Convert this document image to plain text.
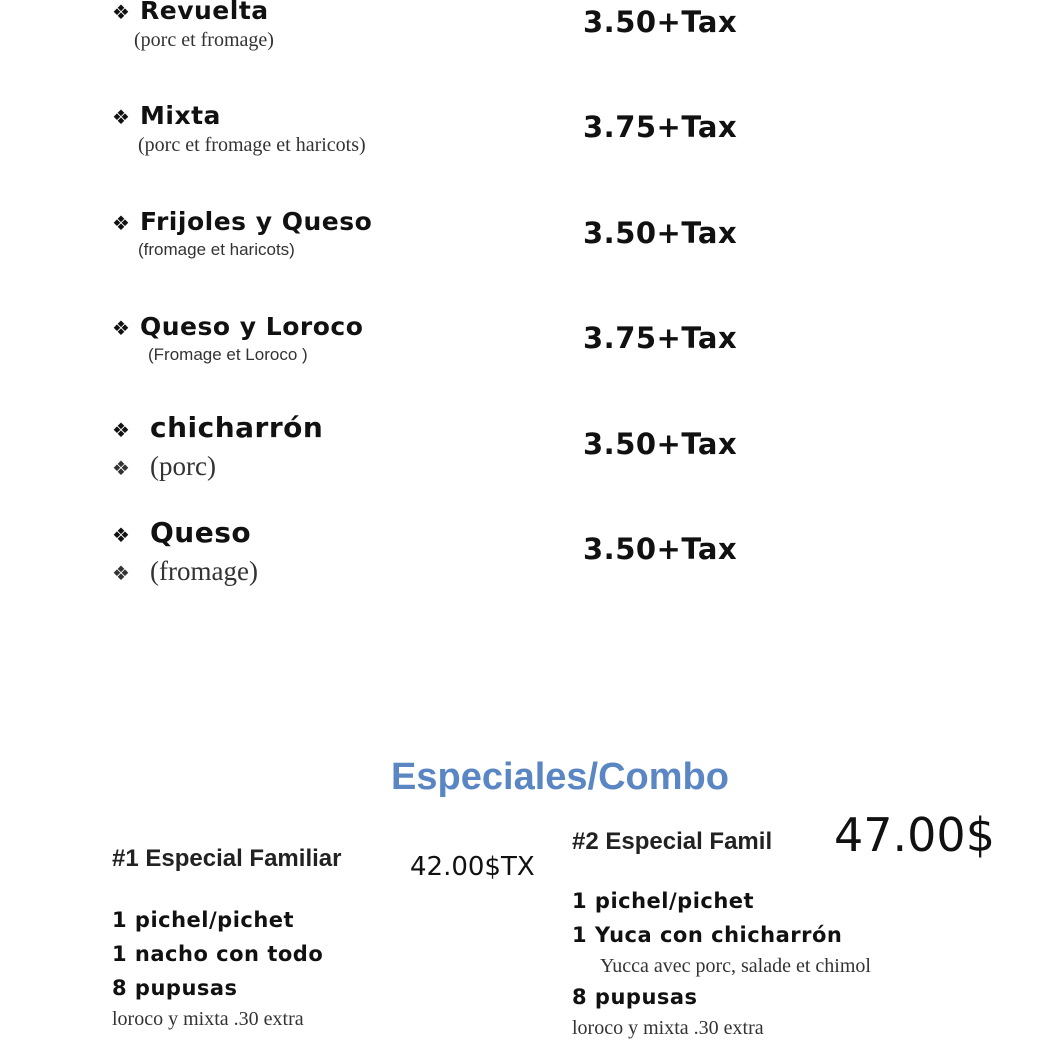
❖ Revuelta
(porc et fromage)
3.50+Tax
❖ Mixta
(porc et fromage et haricots)
3.75+Tax
❖ Frijoles y Queso
(fromage et haricots)	3.50+Tax
❖ Queso y Loroco
(Fromage et Loroco )	3.75+Tax
❖ chicharrón
❖ (porc)
3.50+Tax
❖ Queso
❖ (fromage)
3.50+Tax
Especiales/Combo
#1 Especial Familiar
1 pichel/pichet
1 nacho con todo
8 pupusas
loroco y mixta .30 extra
42.00$TX
#2 Especial Famil
1 pichel/pichet
1 Yuca con chicharrón
Yucca avec porc, salade et chimol
8 pupusas
loroco y mixta .30 extra
47.00$
